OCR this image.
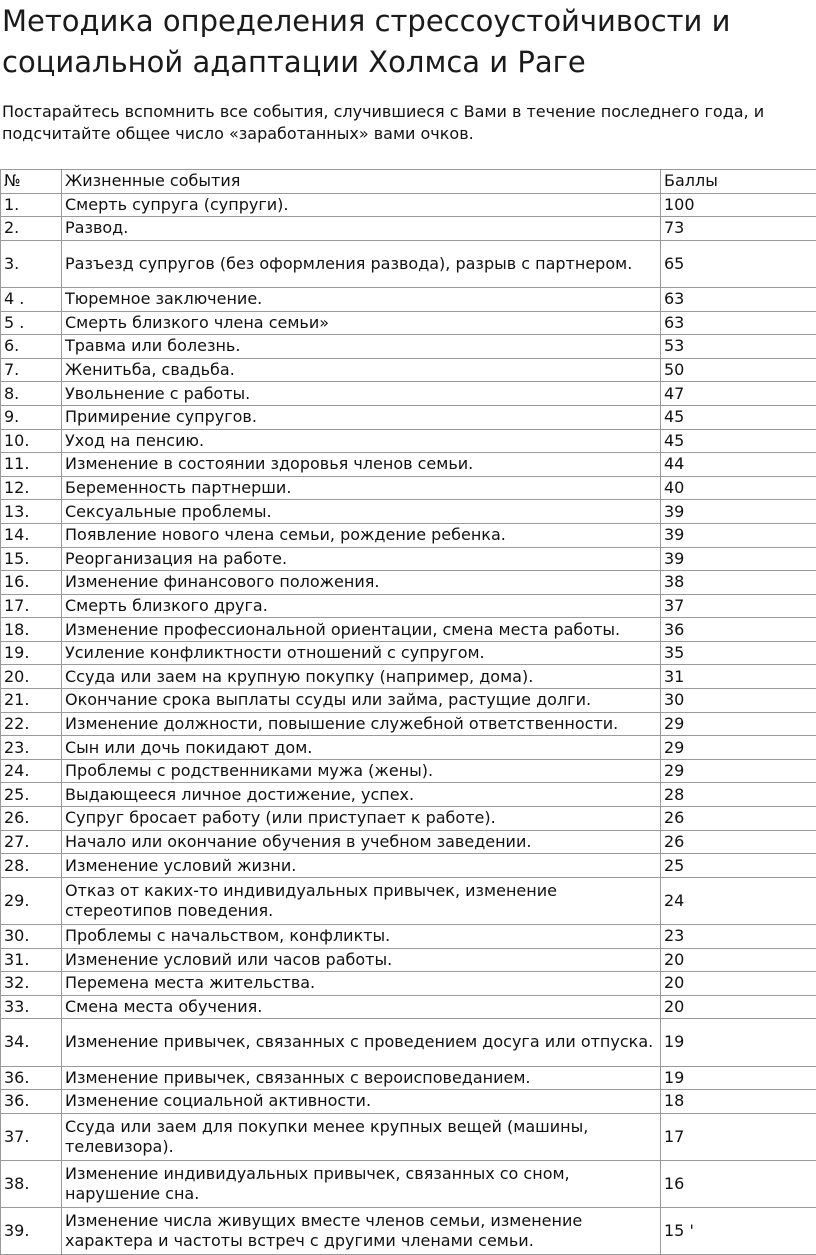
Методика определения стрессоустойчивости и социальной адаптации Холмса и Раге

Постарайтесь вспомнить все события, случившиеся с Вами в течение последнего года, и подсчитайте общее число «заработанных» вами очков.

№	Жизненные события	Баллы
1.	Смерть супруга (супруги).	100
2.	Развод.	73
3.	Разъезд супругов (без оформления развода), разрыв с партнером.	65
4 .	Тюремное заключение.	63
5 .	Смерть близкого члена семьи»	63
6.	Травма или болезнь.	53
7.	Женитьба, свадьба.	50
8.	Увольнение с работы.	47
9.	Примирение супругов.	45
10.	Уход на пенсию.	45
11.	Изменение в состоянии здоровья членов семьи.	44
12.	Беременность партнерши.	40
13.	Сексуальные проблемы.	39
14.	Появление нового члена семьи, рождение ребенка.	39
15.	Реорганизация на работе.	39
16.	Изменение финансового положения.	38
17.	Смерть близкого друга.	37
18.	Изменение профессиональной ориентации, смена места работы.	36
19.	Усиление конфликтности отношений с супругом.	35
20.	Ссуда или заем на крупную покупку (например, дома).	31
21.	Окончание срока выплаты ссуды или займа, растущие долги.	30
22.	Изменение должности, повышение служебной ответственности.	29
23.	Сын или дочь покидают дом.	29
24.	Проблемы с родственниками мужа (жены).	29
25.	Выдающееся личное достижение, успех.	28
26.	Супруг бросает работу (или приступает к работе).	26
27.	Начало или окончание обучения в учебном заведении.	26
28.	Изменение условий жизни.	25
29.	Отказ от каких-то индивидуальных привычек, изменение стереотипов поведения.	24
30.	Проблемы с начальством, конфликты.	23
31.	Изменение условий или часов работы.	20
32.	Перемена места жительства.	20
33.	Смена места обучения.	20
34.	Изменение привычек, связанных с проведением досуга или отпуска.	19
36.	Изменение привычек, связанных с вероисповеданием.	19
36.	Изменение социальной активности.	18
37.	Ссуда или заем для покупки менее крупных вещей (машины, телевизора).	17
38.	Изменение индивидуальных привычек, связанных со сном, нарушение сна.	16
39.	Изменение числа живущих вместе членов семьи, изменение характера и частоты встреч с другими членами семьи.	15 '
